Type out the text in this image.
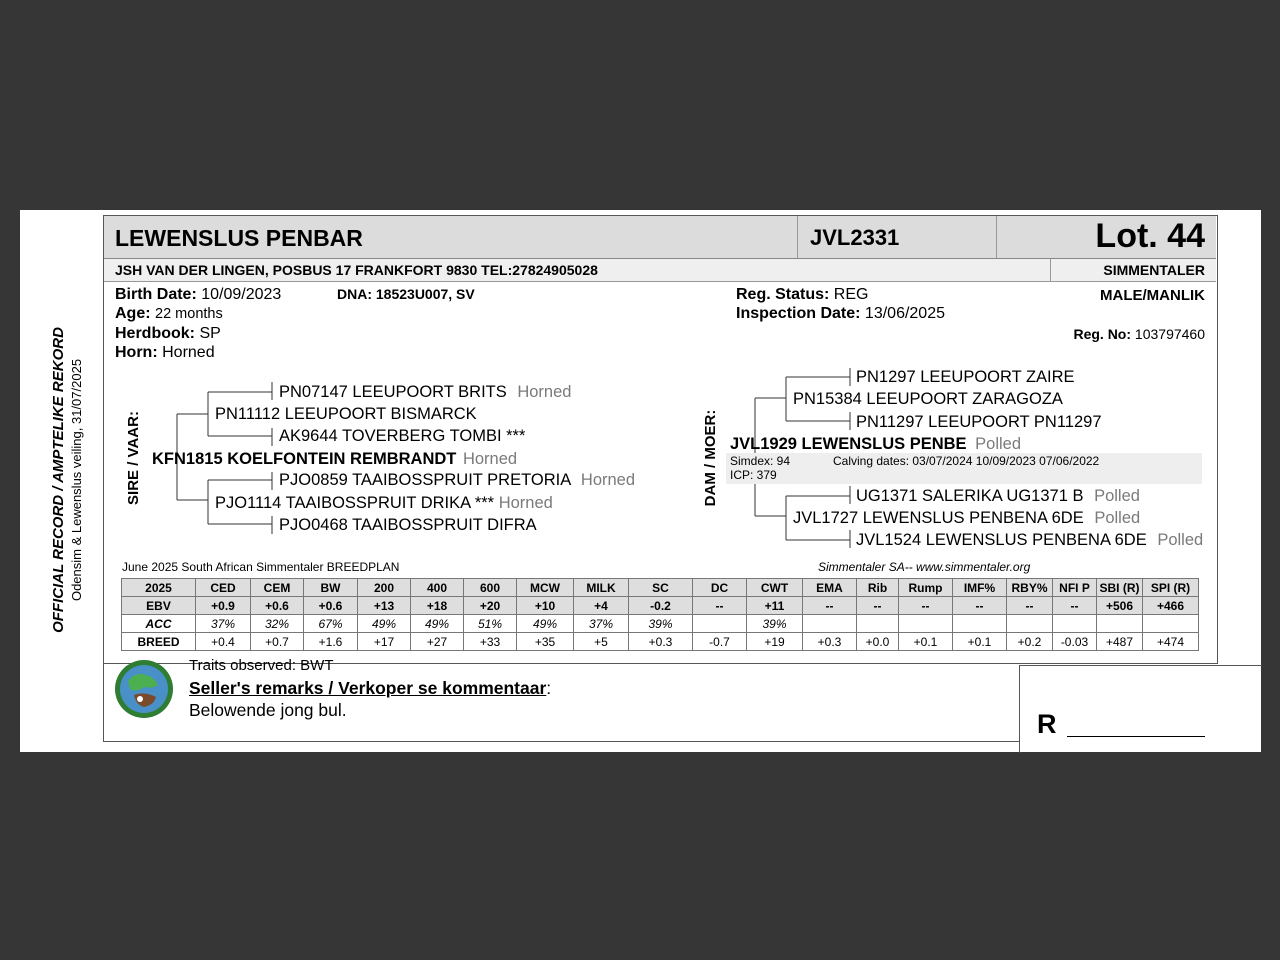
OFFICIAL RECORD / AMPTELIKE REKORD Odensim & Lewenslus veiling, 31/07/2025
LEWENSLUS PENBAR	JVL2331	Lot. 44
JSH VAN DER LINGEN, POSBUS 17 FRANKFORT 9830 TEL:27824905028	SIMMENTALER
Birth Date: 10/09/2023	DNA: 18523U007, SV
Age: 22 months
Herdbook: SP
Horn: Horned
Reg. Status: REG
Inspection Date: 13/06/2025
MALE/MANLIK
Reg. No: 103797460
SIRE / VAAR:
PN07147 LEEUPOORT BRITS Horned
PN11112 LEEUPOORT BISMARCK
AK9644 TOVERBERG TOMBI ***
KFN1815 KOELFONTEIN REMBRANDT Horned
PJO0859 TAAIBOSSPRUIT PRETORIA Horned
PJO1114 TAAIBOSSPRUIT DRIKA *** Horned
PJO0468 TAAIBOSSPRUIT DIFRA
DAM / MOER:
PN1297 LEEUPOORT ZAIRE
PN15384 LEEUPOORT ZARAGOZA
PN11297 LEEUPOORT PN11297
JVL1929 LEWENSLUS PENBE Polled
Simdex: 94
ICP: 379
Calving dates: 03/07/2024 10/09/2023 07/06/2022
UG1371 SALERIKA UG1371 B Polled
JVL1727 LEWENSLUS PENBENA 6DE Polled
JVL1524 LEWENSLUS PENBENA 6DE Polled
June 2025 South African Simmentaler BREEDPLAN	Simmentaler SA-- www.simmentaler.org
2025	CED	CEM	BW	200	400	600	MCW	MILK	SC	DC	CWT	EMA	Rib	Rump	IMF%	RBY%	NFI P	SBI (R)	SPI (R)
EBV	+0.9	+0.6	+0.6	+13	+18	+20	+10	+4	-0.2	--	+11	--	--	--	--	--	--	+506	+466
ACC	37%	32%	67%	49%	49%	51%	49%	37%	39%		39%								
BREED	+0.4	+0.7	+1.6	+17	+27	+33	+35	+5	+0.3	-0.7	+19	+0.3	+0.0	+0.1	+0.1	+0.2	-0.03	+487	+474
Traits observed: BWT
Seller's remarks / Verkoper se kommentaar:
Belowende jong bul.	R
